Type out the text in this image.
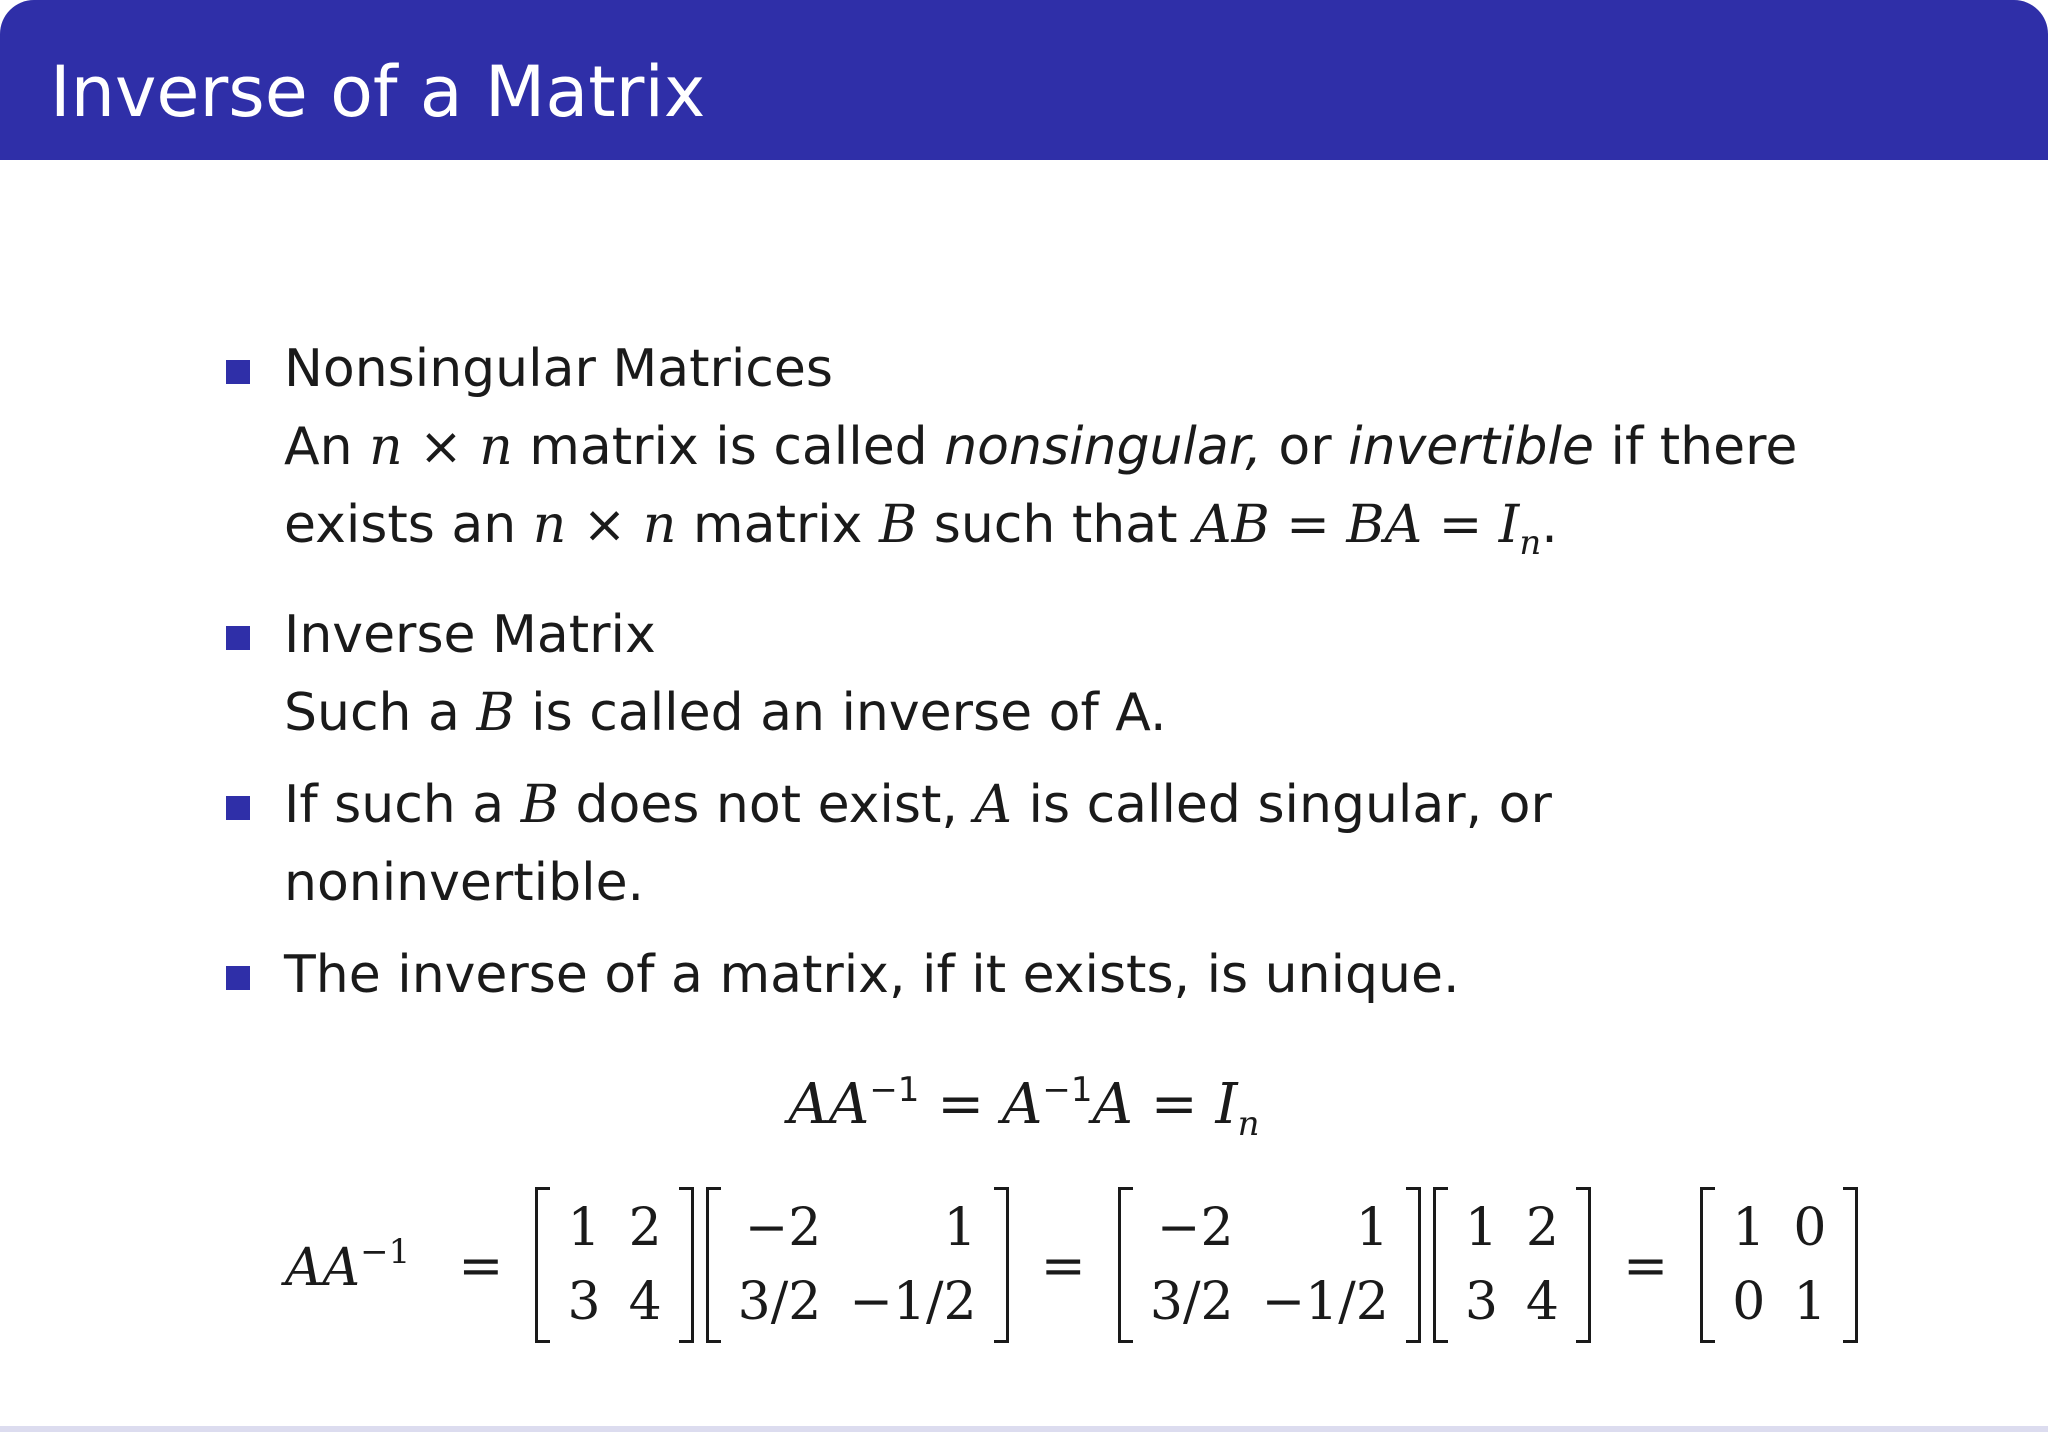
Inverse of a Matrix
Nonsingular Matrices
An n × n matrix is called nonsingular, or invertible if there exists an n × n matrix B such that AB = BA = $I_n$.
Inverse Matrix
Such a B is called an inverse of A.
If such a B does not exist, A is called singular, or noninvertible.
The inverse of a matrix, if it exists, is unique.
$AA^{-1} = A^{-1}A = I_n$
$AA^{-1}$ =
1 2
3 4
−2	1
3/2 −1/2
=
−2	1
3/2 −1/2
1 2
3 4
=
1 0
0 1
